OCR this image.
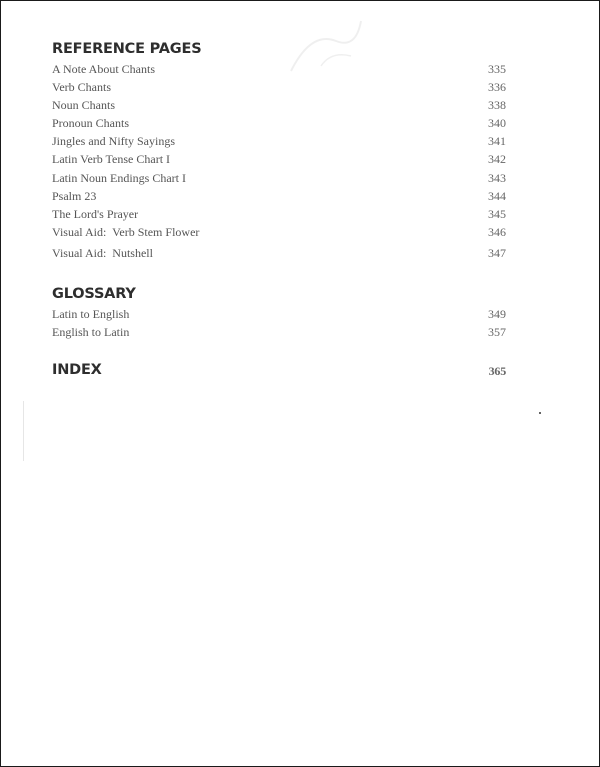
REFERENCE PAGES
A Note About Chants	335
Verb Chants	336
Noun Chants	338
Pronoun Chants	340
Jingles and Nifty Sayings	341
Latin Verb Tense Chart I	342
Latin Noun Endings Chart I	343
Psalm 23	344
The Lord's Prayer	345
Visual Aid:  Verb Stem Flower	346
Visual Aid:  Nutshell	347
GLOSSARY
Latin to English	349
English to Latin	357
INDEX	365
